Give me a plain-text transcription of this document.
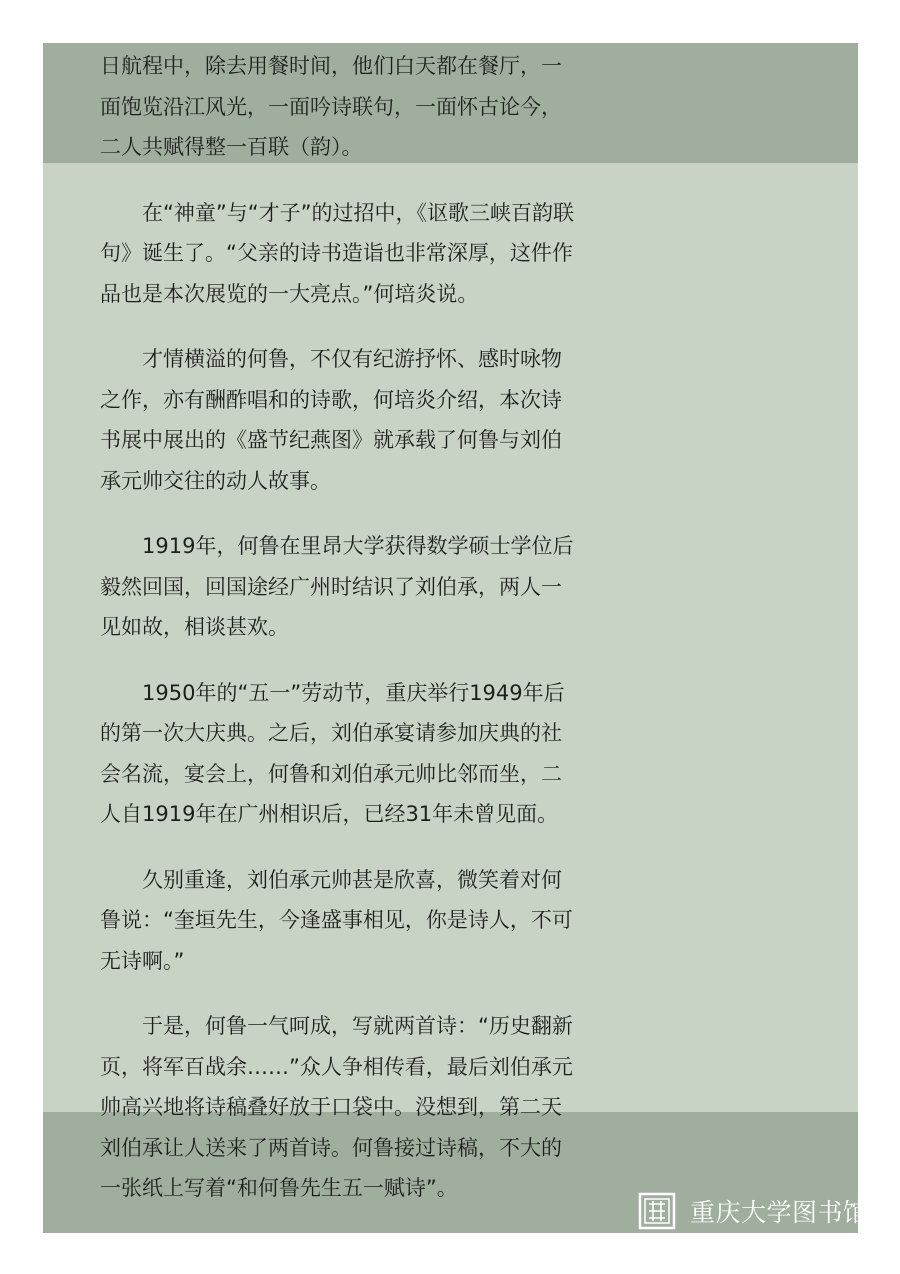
日航程中，除去用餐时间，他们白天都在餐厅，一面饱览沿江风光，一面吟诗联句，一面怀古论今，二人共赋得整一百联（韵）。

在“神童”与“才子”的过招中，《讴歌三峡百韵联句》诞生了。“父亲的诗书造诣也非常深厚，这件作品也是本次展览的一大亮点。”何培炎说。

才情横溢的何鲁，不仅有纪游抒怀、感时咏物之作，亦有酬酢唱和的诗歌，何培炎介绍，本次诗书展中展出的《盛节纪燕图》就承载了何鲁与刘伯承元帅交往的动人故事。

1919年，何鲁在里昂大学获得数学硕士学位后毅然回国，回国途经广州时结识了刘伯承，两人一见如故，相谈甚欢。

1950年的“五一”劳动节，重庆举行1949年后的第一次大庆典。之后，刘伯承宴请参加庆典的社会名流，宴会上，何鲁和刘伯承元帅比邻而坐，二人自1919年在广州相识后，已经31年未曾见面。

久别重逢，刘伯承元帅甚是欣喜，微笑着对何鲁说：“奎垣先生，今逢盛事相见，你是诗人，不可无诗啊。”

于是，何鲁一气呵成，写就两首诗：“历史翻新页，将军百战余……”众人争相传看，最后刘伯承元帅高兴地将诗稿叠好放于口袋中。没想到，第二天刘伯承让人送来了两首诗。何鲁接过诗稿，不大的一张纸上写着“和何鲁先生五一赋诗”。

重庆大学图书馆
